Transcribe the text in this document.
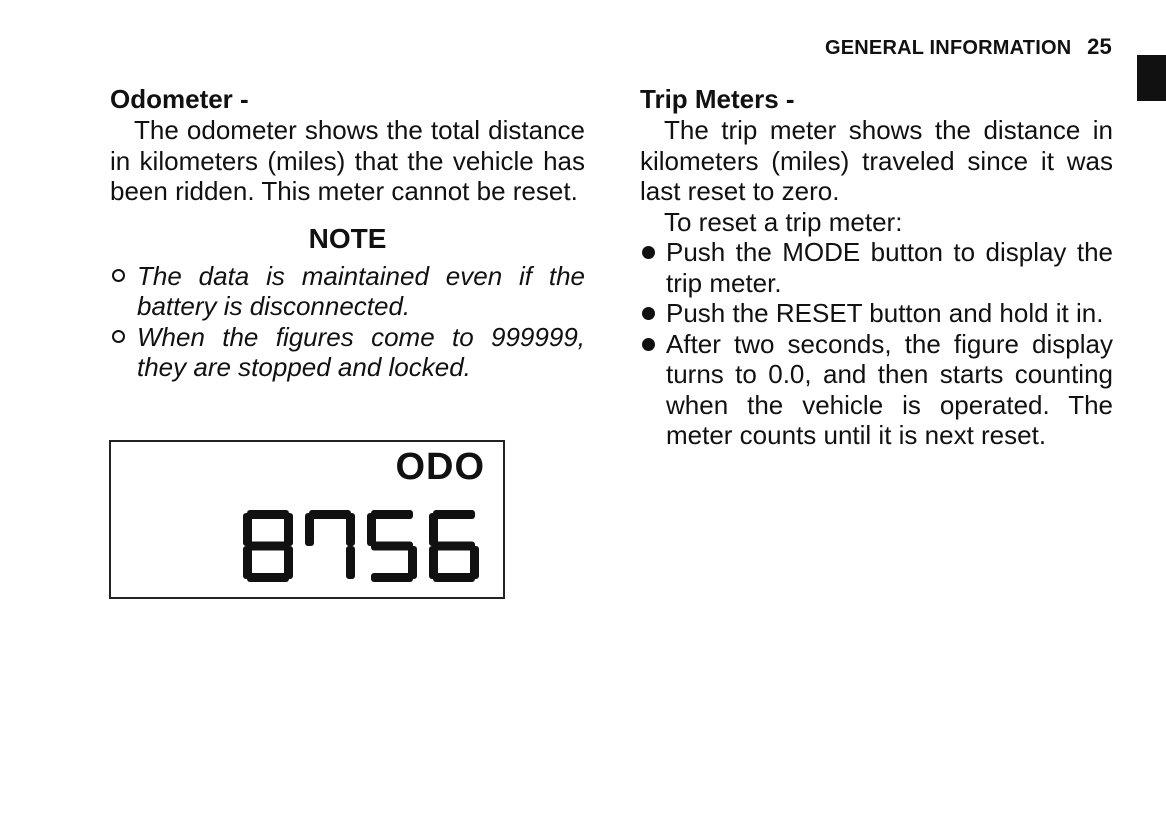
GENERAL INFORMATION 25

Odometer -

The odometer shows the total distance in kilometers (miles) that the vehicle has been ridden. This meter cannot be reset.

NOTE

The data is maintained even if the battery is disconnected.
When the figures come to 999999, they are stopped and locked.
ODO

Trip Meters -

The trip meter shows the distance in kilometers (miles) traveled since it was last reset to zero.

To reset a trip meter:

Push the MODE button to display the trip meter.
Push the RESET button and hold it in.
After two seconds, the figure display turns to 0.0, and then starts counting when the vehicle is operated. The meter counts until it is next reset.
